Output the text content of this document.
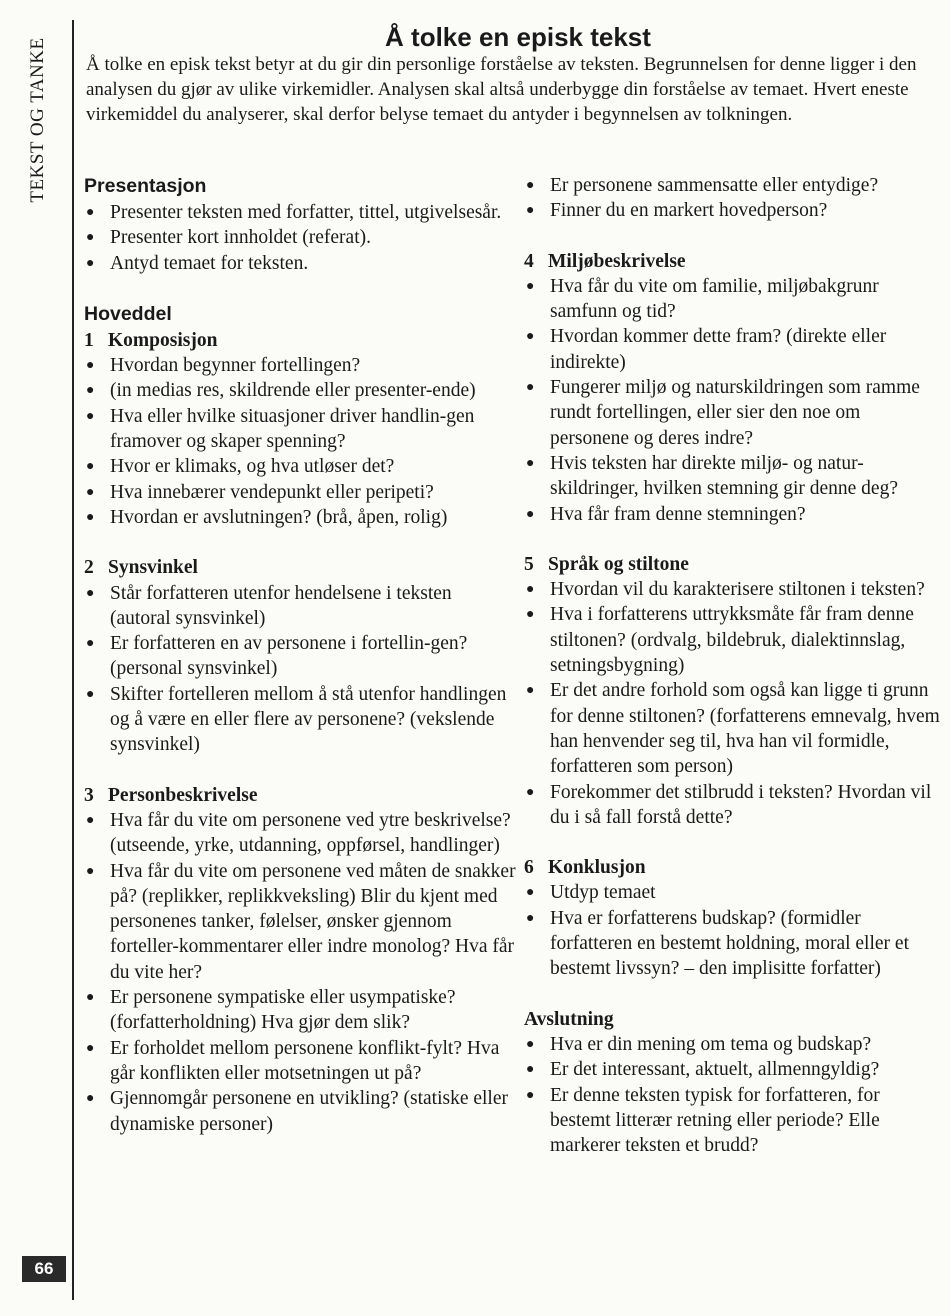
TEKST OG TANKE
66
Å tolke en episk tekst

Å tolke en episk tekst betyr at du gir din personlige forståelse av teksten. Begrunnelsen for denne ligger i den analysen du gjør av ulike virkemidler. Analysen skal altså underbygge din forståelse av temaet. Hvert eneste virkemiddel du analyserer, skal derfor belyse temaet du antyder i begynnelsen av tolkningen.

Presentasjon
● Presenter teksten med forfatter, tittel, utgivelsesår.
● Presenter kort innholdet (referat).
● Antyd temaet for teksten.
Hoveddel
1 Komposisjon
● Hvordan begynner fortellingen?
● (in medias res, skildrende eller presenter-ende)
● Hva eller hvilke situasjoner driver handlin-gen framover og skaper spenning?
● Hvor er klimaks, og hva utløser det?
● Hva innebærer vendepunkt eller peripeti?
● Hvordan er avslutningen? (brå, åpen, rolig)
2 Synsvinkel
● Står forfatteren utenfor hendelsene i teksten (autoral synsvinkel)
● Er forfatteren en av personene i fortellin-gen? (personal synsvinkel)
● Skifter fortelleren mellom å stå utenfor handlingen og å være en eller flere av personene? (vekslende synsvinkel)
3 Personbeskrivelse
● Hva får du vite om personene ved ytre beskrivelse? (utseende, yrke, utdanning, oppførsel, handlinger)
● Hva får du vite om personene ved måten de snakker på? (replikker, replikkveksling) Blir du kjent med personenes tanker, følelser, ønsker gjennom forteller-kommentarer eller indre monolog? Hva får du vite her?
● Er personene sympatiske eller usympatiske? (forfatterholdning) Hva gjør dem slik?
● Er forholdet mellom personene konflikt-fylt? Hva går konflikten eller motsetningen ut på?
● Gjennomgår personene en utvikling? (statiske eller dynamiske personer)
● Er personene sammensatte eller entydige?
● Finner du en markert hovedperson?
4 Miljøbeskrivelse
● Hva får du vite om familie, miljøbakgrunr samfunn og tid?
● Hvordan kommer dette fram? (direkte eller indirekte)
● Fungerer miljø og naturskildringen som ramme rundt fortellingen, eller sier den noe om personene og deres indre?
● Hvis teksten har direkte miljø- og natur-skildringer, hvilken stemning gir denne deg?
● Hva får fram denne stemningen?
5 Språk og stiltone
● Hvordan vil du karakterisere stiltonen i teksten?
● Hva i forfatterens uttrykksmåte får fram denne stiltonen? (ordvalg, bildebruk, dialektinnslag, setningsbygning)
● Er det andre forhold som også kan ligge ti grunn for denne stiltonen? (forfatterens emnevalg, hvem han henvender seg til, hva han vil formidle, forfatteren som person)
● Forekommer det stilbrudd i teksten? Hvordan vil du i så fall forstå dette?
6 Konklusjon
● Utdyp temaet
● Hva er forfatterens budskap? (formidler forfatteren en bestemt holdning, moral eller et bestemt livssyn? – den implisitte forfatter)
Avslutning
● Hva er din mening om tema og budskap?
● Er det interessant, aktuelt, allmenngyldig?
● Er denne teksten typisk for forfatteren, for bestemt litterær retning eller periode? Elle markerer teksten et brudd?
